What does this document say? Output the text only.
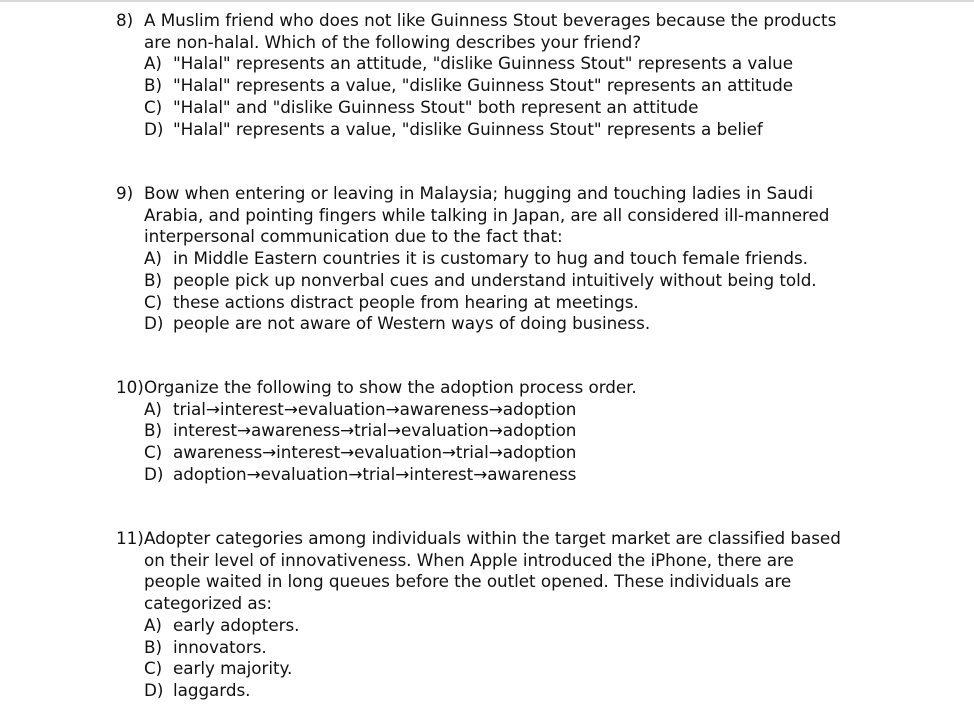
8) A Muslim friend who does not like Guinness Stout beverages because the products
are non-halal. Which of the following describes your friend?
A) "Halal" represents an attitude, "dislike Guinness Stout" represents a value
B) "Halal" represents a value, "dislike Guinness Stout" represents an attitude
C) "Halal" and "dislike Guinness Stout" both represent an attitude
D) "Halal" represents a value, "dislike Guinness Stout" represents a belief
9) Bow when entering or leaving in Malaysia; hugging and touching ladies in Saudi
Arabia, and pointing fingers while talking in Japan, are all considered ill-mannered
interpersonal communication due to the fact that:
A) in Middle Eastern countries it is customary to hug and touch female friends.
B) people pick up nonverbal cues and understand intuitively without being told.
C) these actions distract people from hearing at meetings.
D) people are not aware of Western ways of doing business.
10) Organize the following to show the adoption process order.
A) trial→interest→evaluation→awareness→adoption
B) interest→awareness→trial→evaluation→adoption
C) awareness→interest→evaluation→trial→adoption
D) adoption→evaluation→trial→interest→awareness
11) Adopter categories among individuals within the target market are classified based
on their level of innovativeness. When Apple introduced the iPhone, there are
people waited in long queues before the outlet opened. These individuals are
categorized as:
A) early adopters.
B) innovators.
C) early majority.
D) laggards.
